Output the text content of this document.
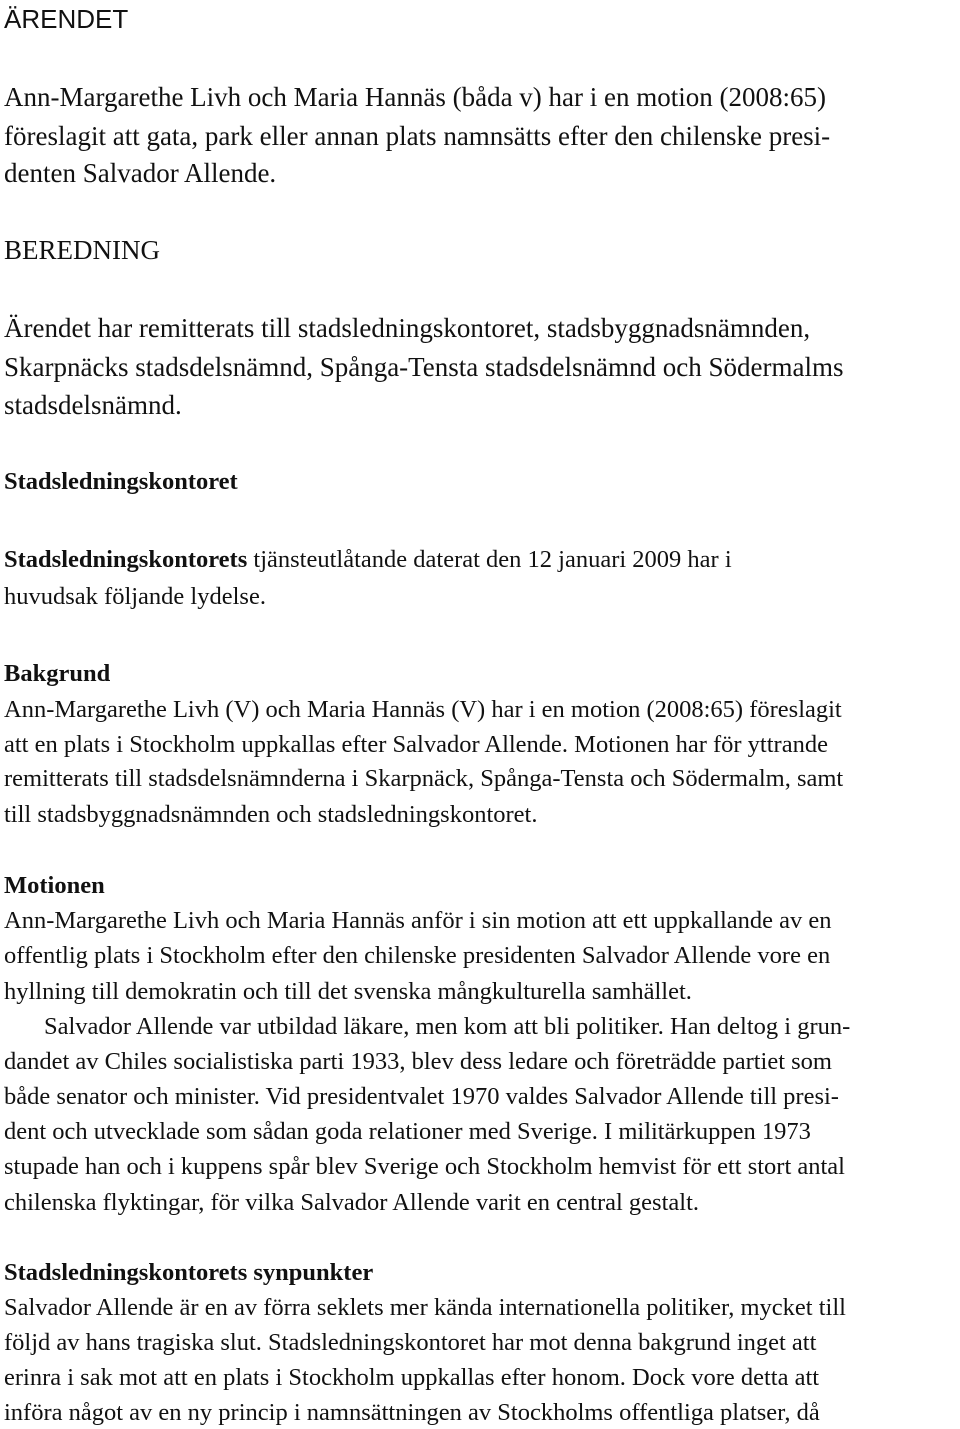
ÄRENDET
Ann-Margarethe Livh och Maria Hannäs (båda v) har i en motion (2008:65)
föreslagit att gata, park eller annan plats namnsätts efter den chilenske presi-
denten Salvador Allende.
BEREDNING
Ärendet har remitterats till stadsledningskontoret, stadsbyggnadsnämnden,
Skarpnäcks stadsdelsnämnd, Spånga-Tensta stadsdelsnämnd och Södermalms
stadsdelsnämnd.
Stadsledningskontoret
Stadsledningskontorets tjänsteutlåtande daterat den 12 januari 2009 har i
huvudsak följande lydelse.
Bakgrund
Ann-Margarethe Livh (V) och Maria Hannäs (V) har i en motion (2008:65) föreslagit
att en plats i Stockholm uppkallas efter Salvador Allende. Motionen har för yttrande
remitterats till stadsdelsnämnderna i Skarpnäck, Spånga-Tensta och Södermalm, samt
till stadsbyggnadsnämnden och stadsledningskontoret.
Motionen
Ann-Margarethe Livh och Maria Hannäs anför i sin motion att ett uppkallande av en
offentlig plats i Stockholm efter den chilenske presidenten Salvador Allende vore en
hyllning till demokratin och till det svenska mångkulturella samhället.
Salvador Allende var utbildad läkare, men kom att bli politiker. Han deltog i grun-
dandet av Chiles socialistiska parti 1933, blev dess ledare och företrädde partiet som
både senator och minister. Vid presidentvalet 1970 valdes Salvador Allende till presi-
dent och utvecklade som sådan goda relationer med Sverige. I militärkuppen 1973
stupade han och i kuppens spår blev Sverige och Stockholm hemvist för ett stort antal
chilenska flyktingar, för vilka Salvador Allende varit en central gestalt.
Stadsledningskontorets synpunkter
Salvador Allende är en av förra seklets mer kända internationella politiker, mycket till
följd av hans tragiska slut. Stadsledningskontoret har mot denna bakgrund inget att
erinra i sak mot att en plats i Stockholm uppkallas efter honom. Dock vore detta att
införa något av en ny princip i namnsättningen av Stockholms offentliga platser, då
